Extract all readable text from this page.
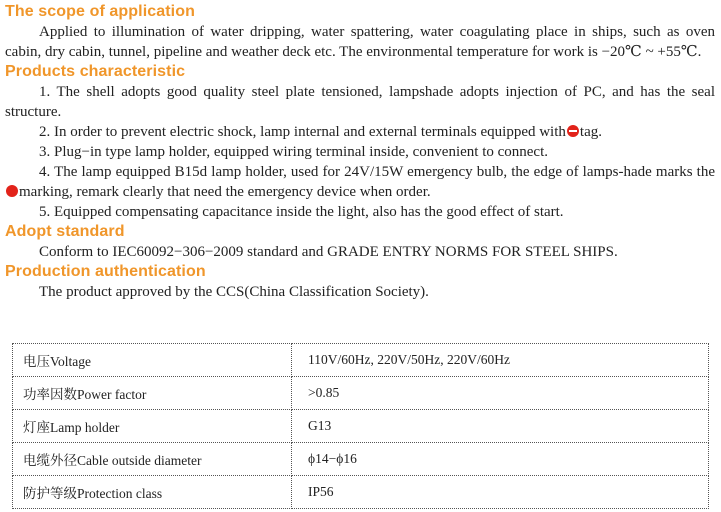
The scope of application

Applied to illumination of water dripping, water spattering, water coagulating place in ships, such as oven cabin, dry cabin, tunnel, pipeline and weather deck etc. The environmental temperature for work is −20℃ ~ +55℃.

Products characteristic

1. The shell adopts good quality steel plate tensioned, lampshade adopts injection of PC, and has the seal structure.

2. In order to prevent electric shock, lamp internal and external terminals equipped with tag.

3. Plug−in type lamp holder, equipped wiring terminal inside, convenient to connect.

4. The lamp equipped B15d lamp holder, used for 24V/15W emergency bulb, the edge of lamps-hade marks themarking, remark clearly that need the emergency device when order.

5. Equipped compensating capacitance inside the light, also has the good effect of start.

Adopt standard

Conform to IEC60092−306−2009 standard and GRADE ENTRY NORMS FOR STEEL SHIPS.

Production authentication

The product approved by the CCS(China Classification Society).

电压Voltage	110V/60Hz, 220V/50Hz, 220V/60Hz
功率因数Power factor	>0.85
灯座Lamp holder	G13
电缆外径Cable outside diameter	ϕ14−ϕ16
防护等级Protection class	IP56
